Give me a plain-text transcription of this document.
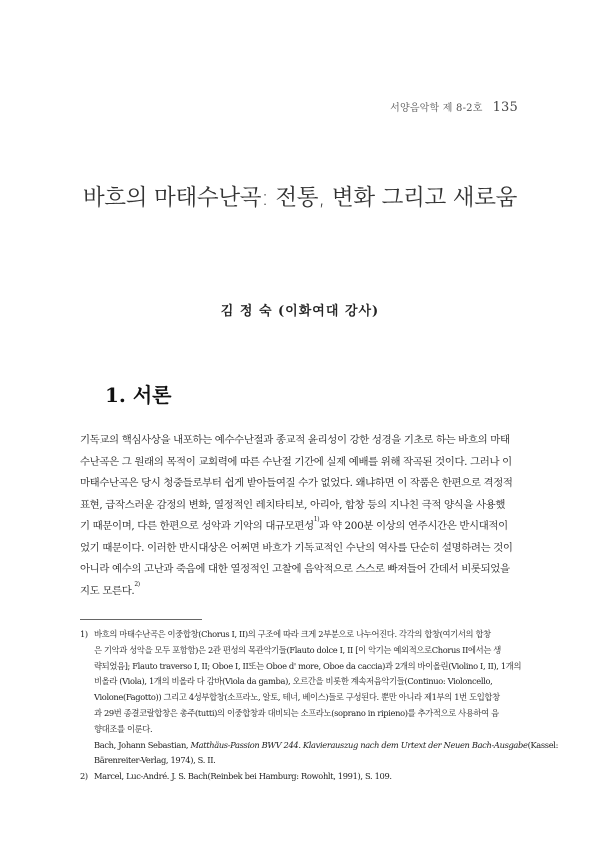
서양음악학 제 8-2호 135
바흐의 마태수난곡: 전통, 변화 그리고 새로움
김 정 숙 (이화여대 강사)
1. 서론
기독교의 핵심사상을 내포하는 예수수난절과 종교적 윤리성이 강한 성경을 기초로 하는 바흐의 마태
수난곡은 그 원래의 목적이 교회력에 따른 수난절 기간에 실제 예배를 위해 작곡된 것이다. 그러나 이
마태수난곡은 당시 청중들로부터 쉽게 받아들여질 수가 없었다. 왜냐하면 이 작품은 한편으로 격정적
표현, 급작스러운 감정의 변화, 열정적인 레치타티보, 아리아, 합창 등의 지나친 극적 양식을 사용했
기 때문이며, 다른 한편으로 성악과 기악의 대규모편성$^{1)}$과 약 200분 이상의 연주시간은 반시대적이
었기 때문이다. 이러한 반시대상은 어쩌면 바흐가 기독교적인 수난의 역사를 단순히 설명하려는 것이
아니라 예수의 고난과 죽음에 대한 열정적인 고찰에 음악적으로 스스로 빠져들어 간데서 비롯되었을
지도 모른다.$^{2)}$
1) 바흐의 마태수난곡은 이중합창(Chorus I, II)의 구조에 따라 크게 2부분으로 나누어진다. 각각의 합창(여기서의 합창
은 기악과 성악을 모두 포함함)은 2관 편성의 목관악기들(Flauto dolce I, II [이 악기는 예외적으로Chorus II에서는 생
략되었음]; Flauto traverso I, II; Oboe I, II또는 Oboe d' more, Oboe da caccia)과 2개의 바이올린(Violino I, II), 1개의
비올라 (Viola), 1개의 비올라 다 감바(Viola da gamba), 오르간을 비롯한 계속저음악기들(Continuo: Violoncello,
Violone(Fagotto)) 그리고 4성부합창(소프라노, 알토, 테너, 베이스)들로 구성된다. 뿐만 아니라 제1부의 1번 도입합창
과 29번 종결코랄합창은 총주(tutti)의 이중합창과 대비되는 소프라노(soprano in ripieno)를 추가적으로 사용하여 음
향대조를 이룬다.
Bach, Johann Sebastian, Matthäus-Passion BWV 244. Klavierauszug nach dem Urtext der Neuen Bach-Ausgabe(Kassel:
Bärenreiter-Verlag, 1974), S. II.
2) Marcel, Luc-André. J. S. Bach(Reinbek bei Hamburg: Rowohlt, 1991), S. 109.
